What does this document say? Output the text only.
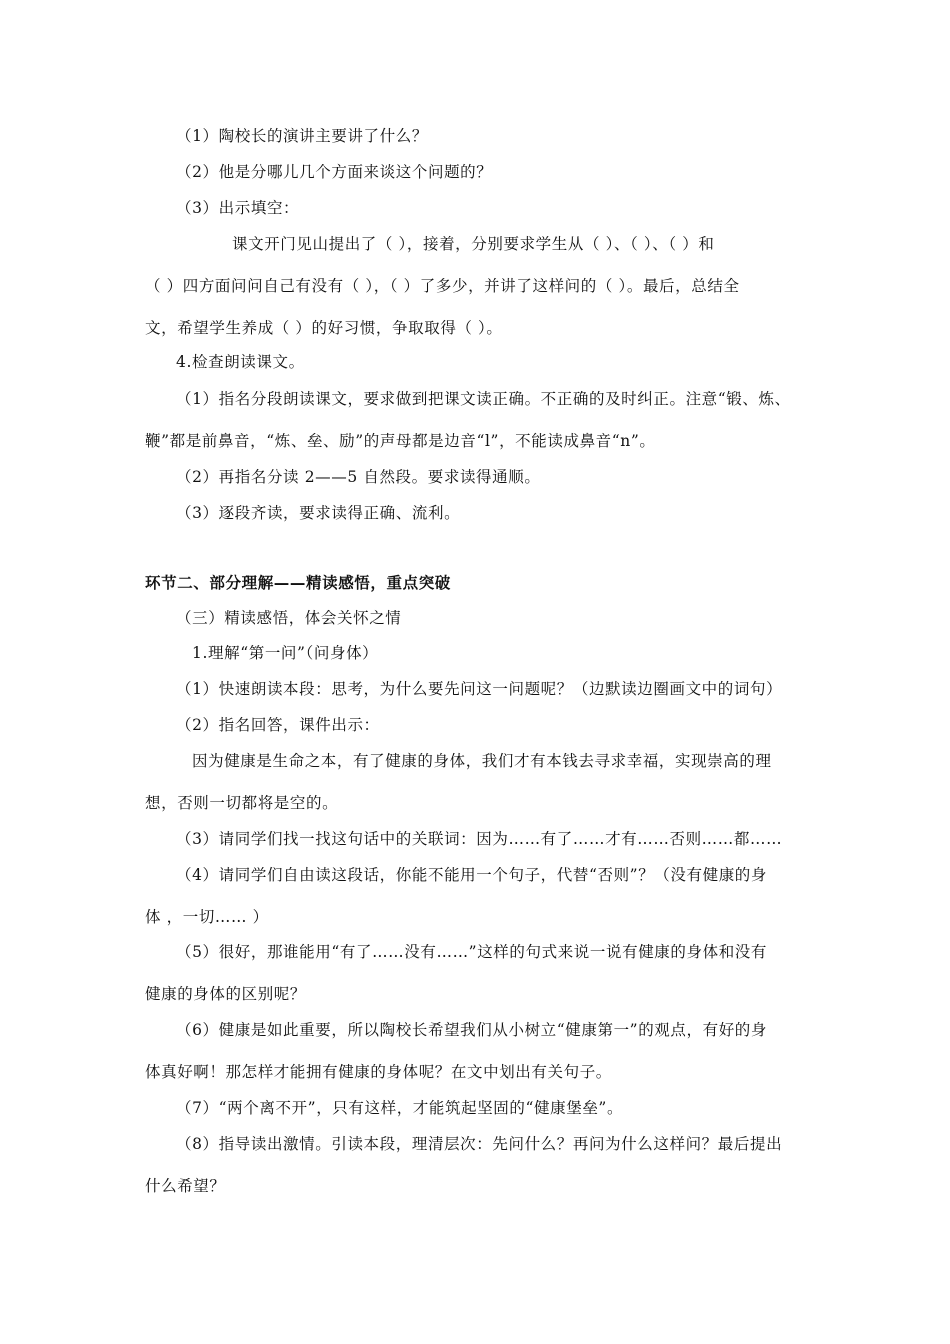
（1）陶校长的演讲主要讲了什么？
（2）他是分哪儿几个方面来谈这个问题的？
（3）出示填空：
课文开门见山提出了（ ），接着，分别要求学生从（ ）、（ ）、（ ）和
（ ）四方面问问自己有没有（ ），（ ）了多少，并讲了这样问的（ ）。最后，总结全
文，希望学生养成（ ）的好习惯，争取取得（ ）。
4.检查朗读课文。
（1）指名分段朗读课文，要求做到把课文读正确。不正确的及时纠正。注意“锻、炼、
鞭”都是前鼻音，“炼、垒、励”的声母都是边音“l”，不能读成鼻音“n”。
（2）再指名分读 2——5 自然段。要求读得通顺。
（3）逐段齐读，要求读得正确、流利。
环节二、部分理解——精读感悟，重点突破
（三）精读感悟，体会关怀之情
1.理解“第一问”（问身体）
（1）快速朗读本段：思考，为什么要先问这一问题呢？（边默读边圈画文中的词句）
（2）指名回答，课件出示：
因为健康是生命之本，有了健康的身体，我们才有本钱去寻求幸福，实现崇高的理
想，否则一切都将是空的。
（3）请同学们找一找这句话中的关联词：因为……有了……才有……否则……都……
（4）请同学们自由读这段话，你能不能用一个句子，代替“否则”？（没有健康的身
体 ，一切…… ）
（5）很好，那谁能用“有了……没有……”这样的句式来说一说有健康的身体和没有
健康的身体的区别呢？
（6）健康是如此重要，所以陶校长希望我们从小树立“健康第一”的观点，有好的身
体真好啊！那怎样才能拥有健康的身体呢？在文中划出有关句子。
（7）“两个离不开”，只有这样，才能筑起坚固的“健康堡垒”。
（8）指导读出激情。引读本段，理清层次：先问什么？再问为什么这样问？最后提出
什么希望？
